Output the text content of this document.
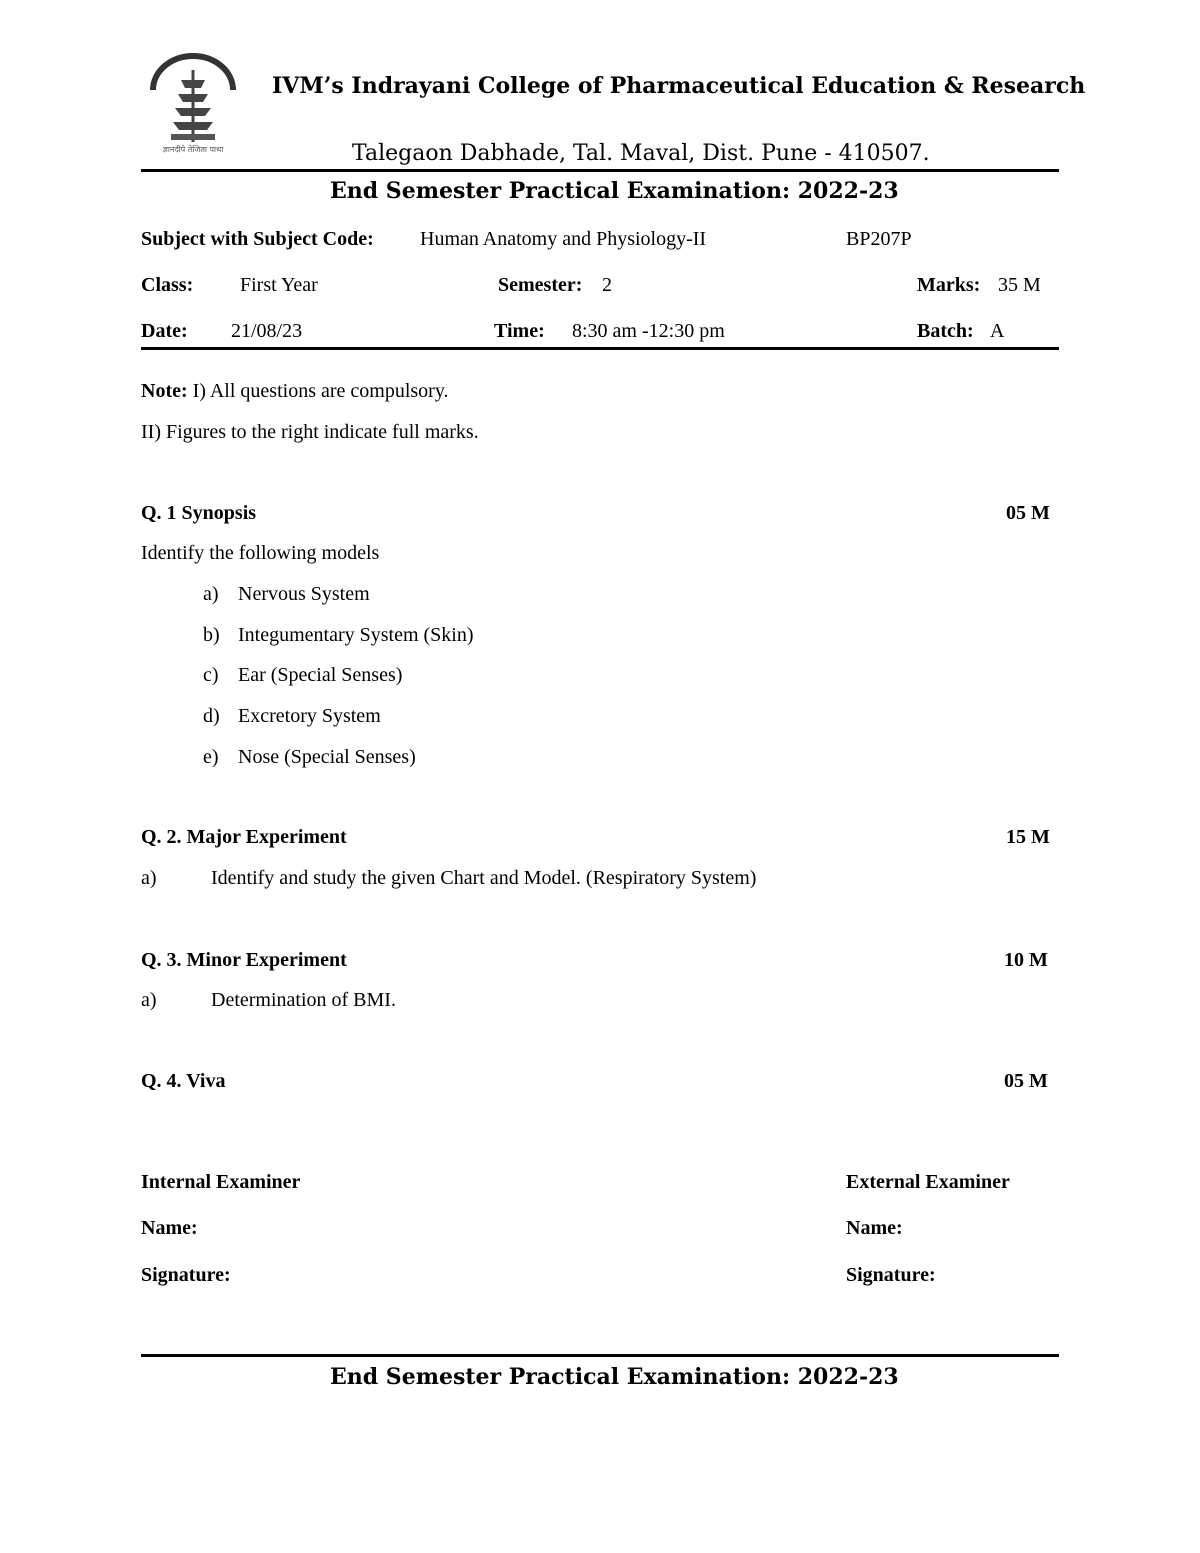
ज्ञानदीपे तेजिता पाथा
IVM’s Indrayani College of Pharmaceutical Education & Research
Talegaon Dabhade, Tal. Maval, Dist. Pune - 410507.
End Semester Practical Examination: 2022-23
Subject with Subject Code: Human Anatomy and Physiology-II	BP207P
Class: First Year	Semester: 2	Marks: 35 M
Date: 21/08/23	Time: 8:30 am -12:30 pm	Batch: A
Note: I) All questions are compulsory.
II) Figures to the right indicate full marks.
Q. 1 Synopsis	05 M
Identify the following models
a) Nervous System
b) Integumentary System (Skin)
c) Ear (Special Senses)
d) Excretory System
e) Nose (Special Senses)
Q. 2. Major Experiment	15 M
a)	Identify and study the given Chart and Model. (Respiratory System)
Q. 3. Minor Experiment	10 M
a)	Determination of BMI.
Q. 4. Viva	05 M
Internal Examiner	External Examiner
Name:	Name:
Signature:	Signature:
End Semester Practical Examination: 2022-23
